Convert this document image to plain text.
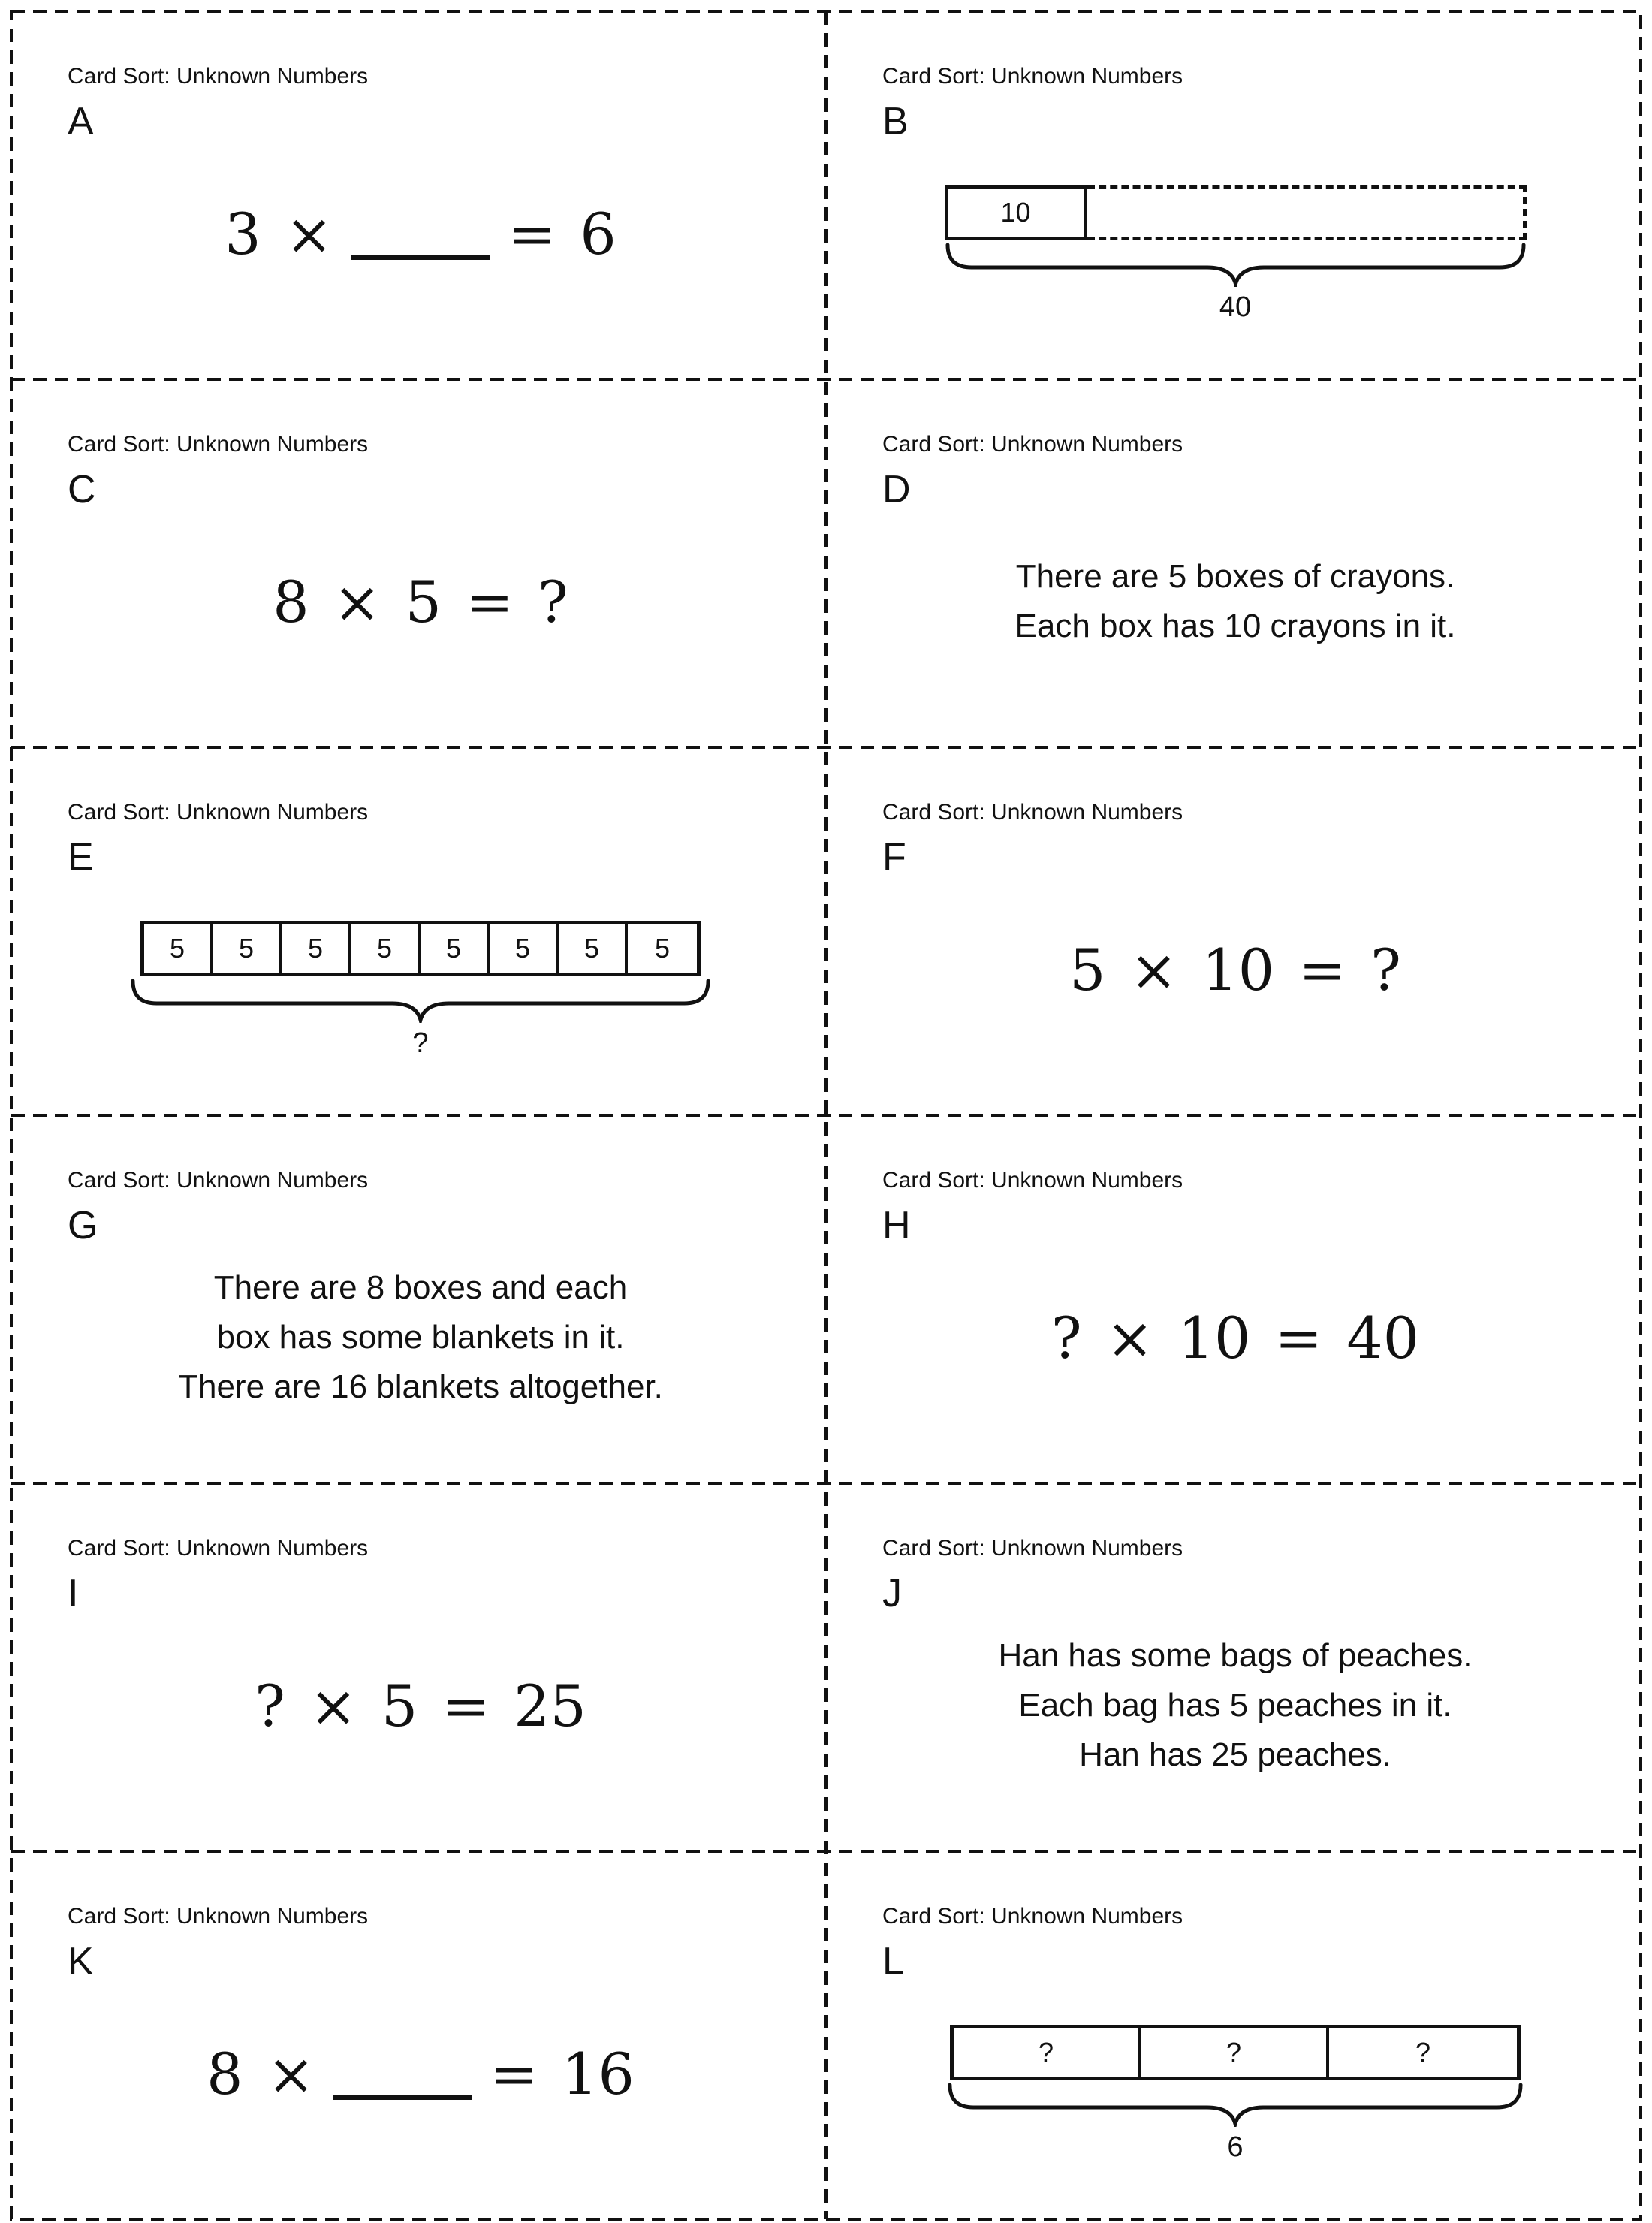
Card Sort: Unknown Numbers
A
3 ×	= 6
Card Sort: Unknown Numbers
B
10
40
Card Sort: Unknown Numbers
C
8 × 5 = ?
Card Sort: Unknown Numbers
D
There are 5 boxes of crayons.
Each box has 10 crayons in it.
Card Sort: Unknown Numbers
E
5	5	5	5	5	5	5	5
?
Card Sort: Unknown Numbers
F
5 × 10 = ?
Card Sort: Unknown Numbers
G
There are 8 boxes and each
box has some blankets in it.
There are 16 blankets altogether.
Card Sort: Unknown Numbers
H
? × 10 = 40
Card Sort: Unknown Numbers
I
? × 5 = 25
Card Sort: Unknown Numbers
J
Han has some bags of peaches.
Each bag has 5 peaches in it.
Han has 25 peaches.
Card Sort: Unknown Numbers
K
8 ×	= 16
Card Sort: Unknown Numbers
L
?	?	?
6
